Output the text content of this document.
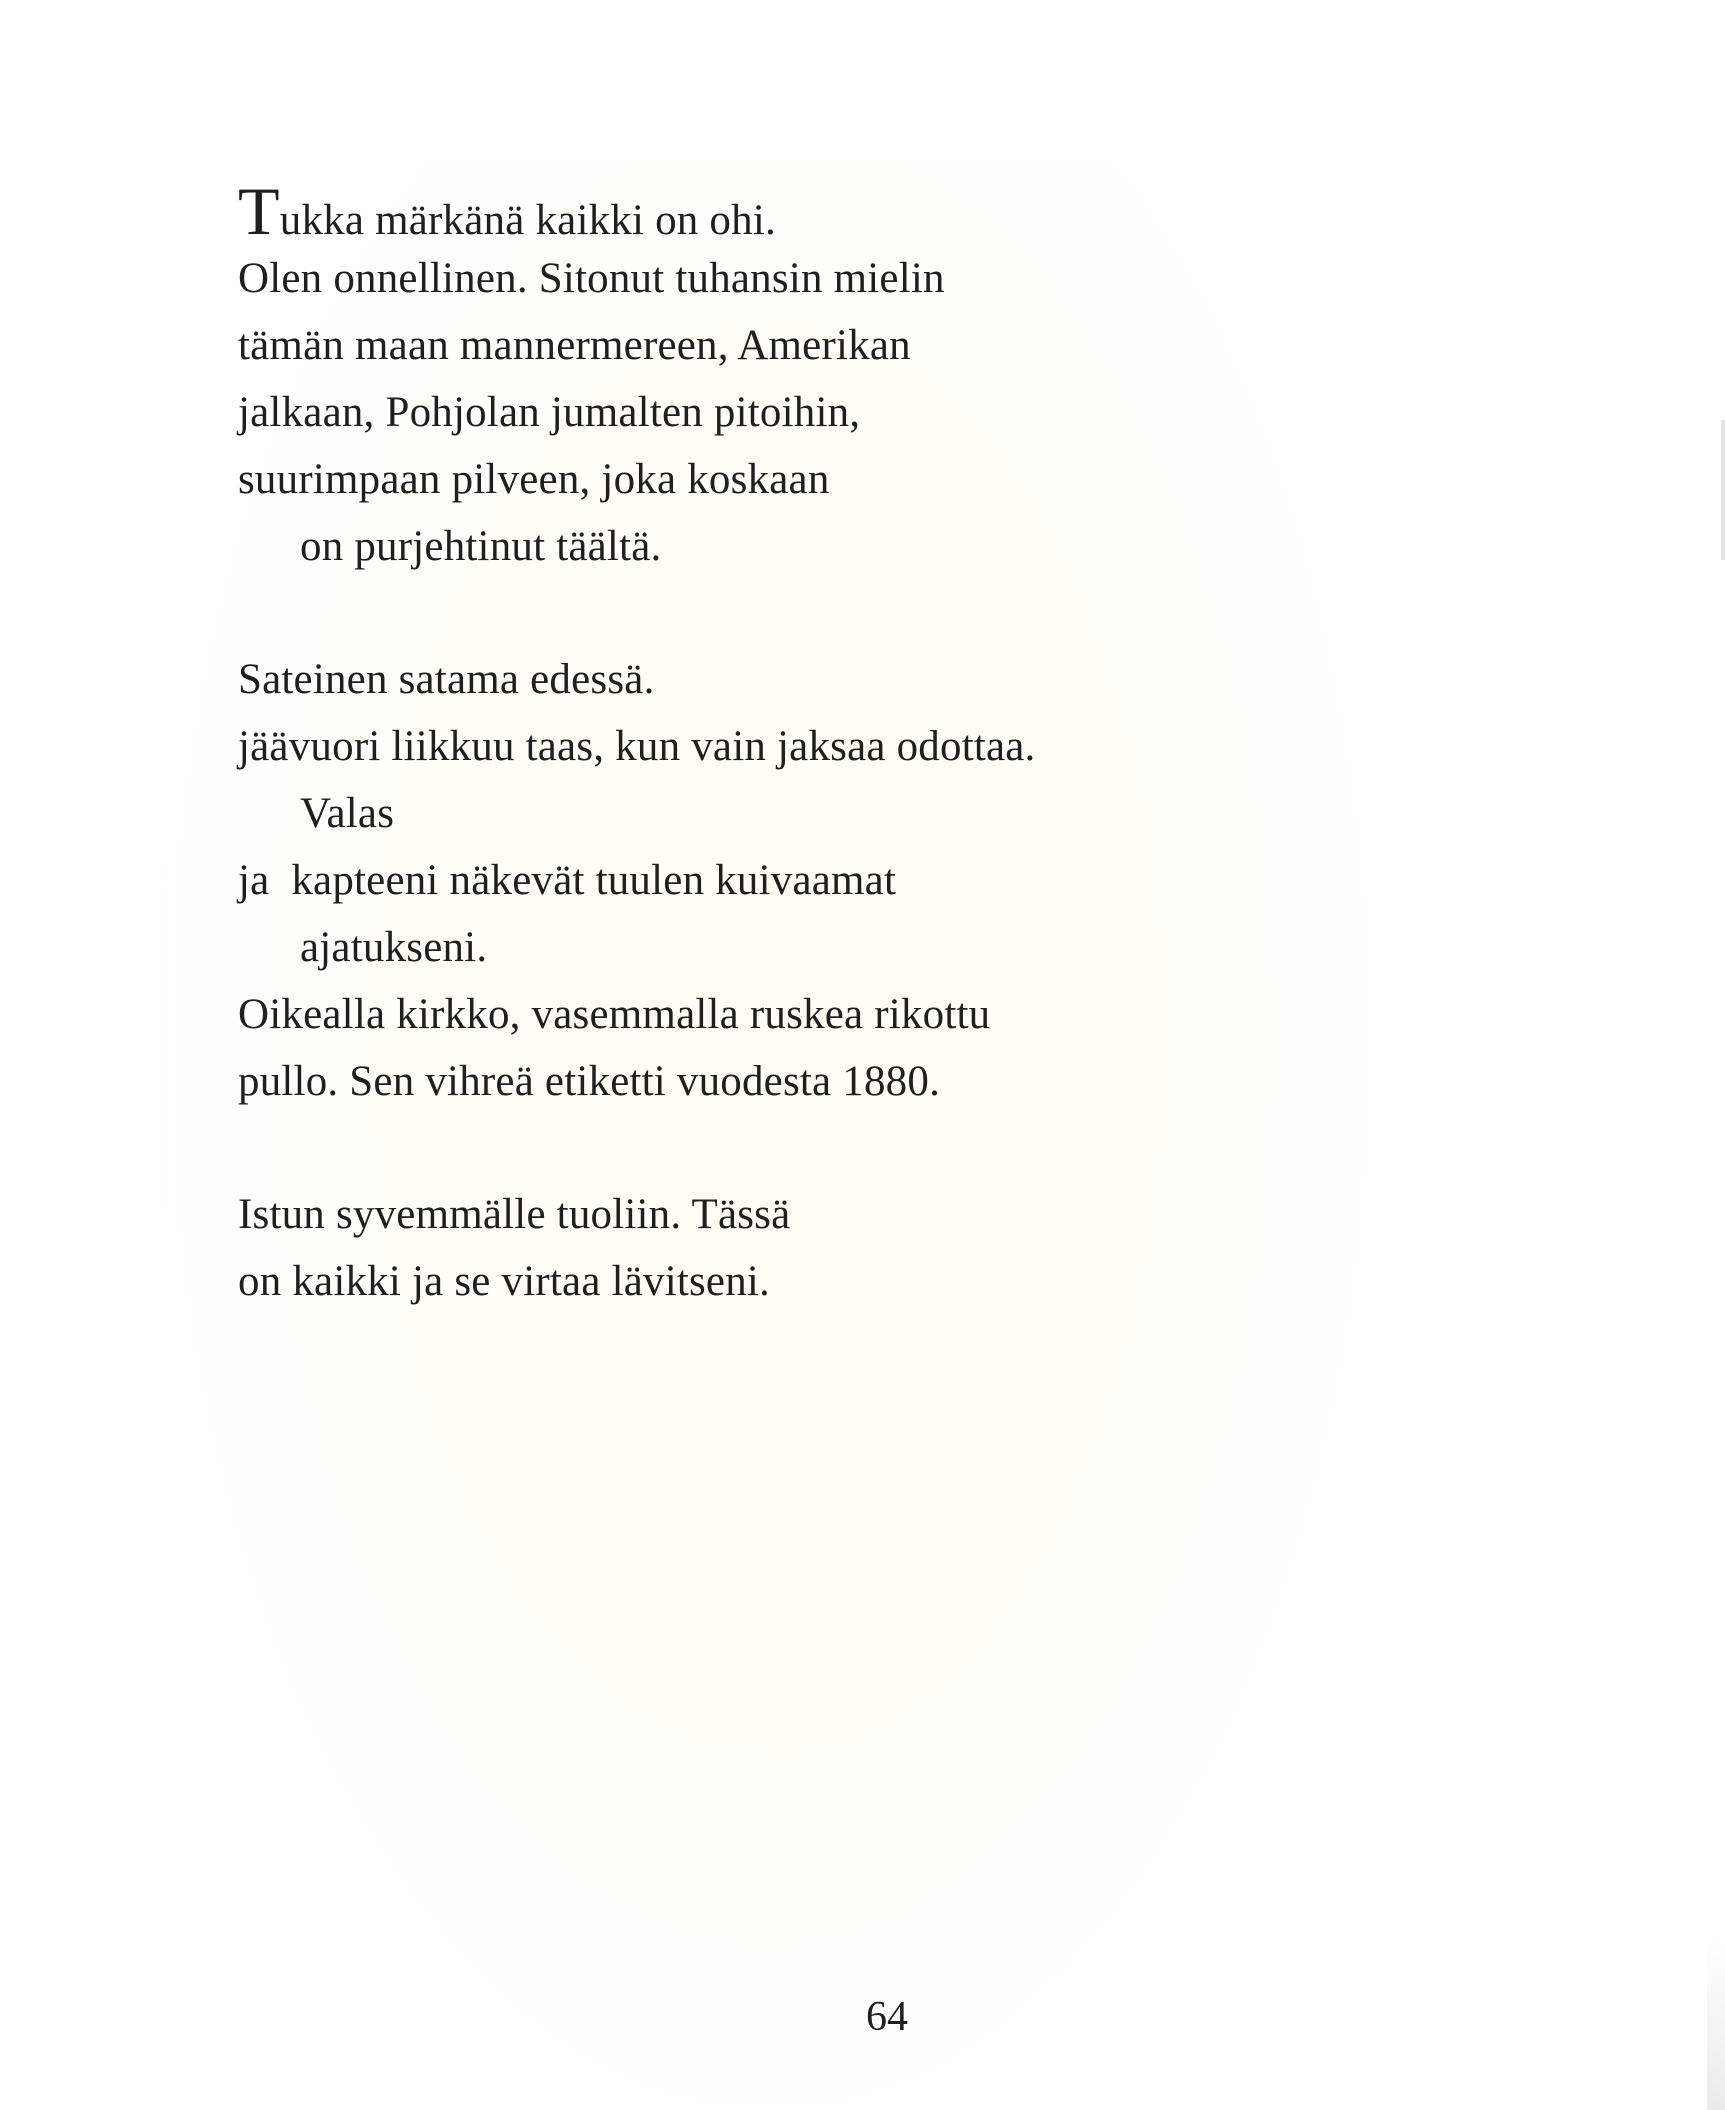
Tukka märkänä kaikki on ohi.
Olen onnellinen. Sitonut tuhansin mielin
tämän maan mannermereen, Amerikan
jalkaan, Pohjolan jumalten pitoihin,
suurimpaan pilveen, joka koskaan
on purjehtinut täältä.
Sateinen satama edessä.
jäävuori liikkuu taas, kun vain jaksaa odottaa.
Valas
ja  kapteeni näkevät tuulen kuivaamat
ajatukseni.
Oikealla kirkko, vasemmalla ruskea rikottu
pullo. Sen vihreä etiketti vuodesta 1880.
Istun syvemmälle tuoliin. Tässä
on kaikki ja se virtaa lävitseni.
64
